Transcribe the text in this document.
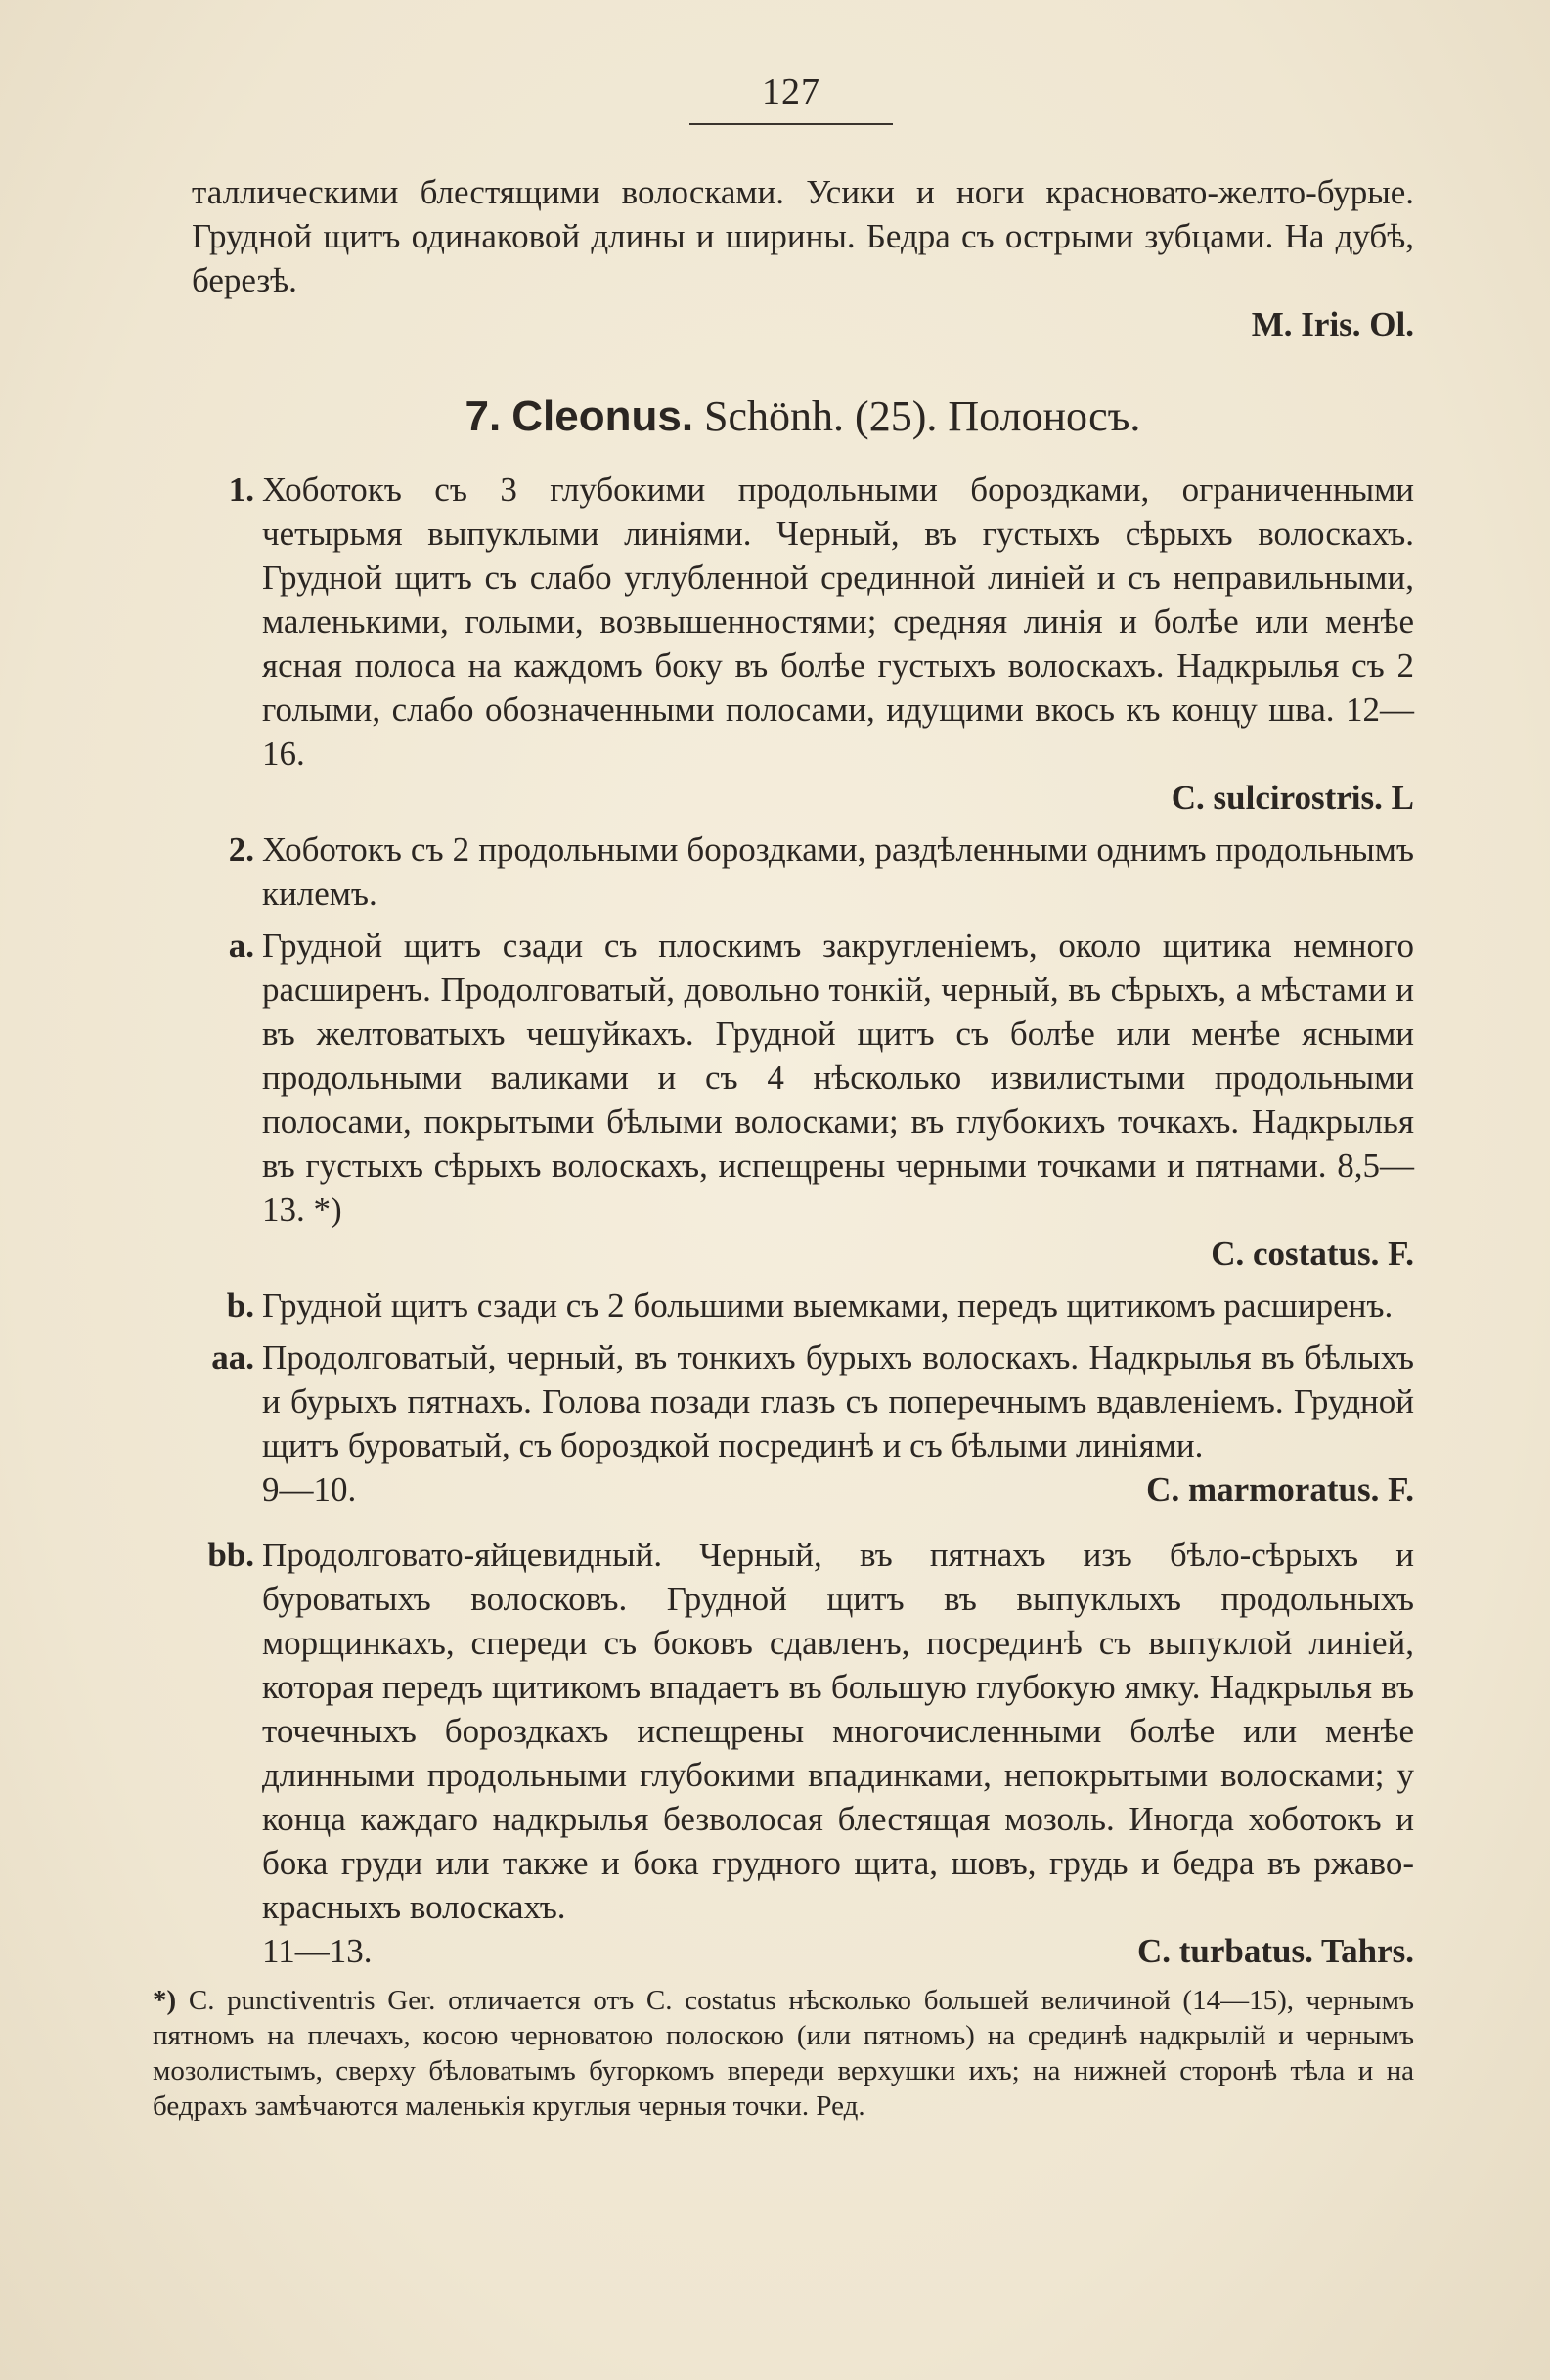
127

таллическими блестящими волосками. Усики и ноги красновато-желто-бурые. Грудной щитъ одинаковой длины и ширины. Бедра съ острыми зубцами. На дубѣ, березѣ.
M. Iris. Ol.

7. Cleonus. Schönh. (25). Полоносъ.
1. Хоботокъ съ 3 глубокими продольными бороздками, ограниченными четырьмя выпуклыми линіями. Черный, въ густыхъ сѣрыхъ волоскахъ. Грудной щитъ съ слабо углубленной срединной линіей и съ неправильными, маленькими, голыми, возвышенностями; средняя линія и болѣе или менѣе ясная полоса на каждомъ боку въ болѣе густыхъ волоскахъ. Надкрылья съ 2 голыми, слабо обозначенными полосами, идущими вкось къ концу шва. 12—16.
C. sulcirostris. L
2. Хоботокъ съ 2 продольными бороздками, раздѣленными однимъ продольнымъ килемъ.
a. Грудной щитъ сзади съ плоскимъ закругленіемъ, около щитика немного расширенъ. Продолговатый, довольно тонкій, черный, въ сѣрыхъ, а мѣстами и въ желтоватыхъ чешуйкахъ. Грудной щитъ съ болѣе или менѣе ясными продольными валиками и съ 4 нѣсколько извилистыми продольными полосами, покрытыми бѣлыми волосками; въ глубокихъ точкахъ. Надкрылья въ густыхъ сѣрыхъ волоскахъ, испещрены черными точками и пятнами. 8,5—13. *)
C. costatus. F.
b. Грудной щитъ сзади съ 2 большими выемками, передъ щитикомъ расширенъ.
aa. Продолговатый, черный, въ тонкихъ бурыхъ волоскахъ. Надкрылья въ бѣлыхъ и бурыхъ пятнахъ. Голова позади глазъ съ поперечнымъ вдавленіемъ. Грудной щитъ буроватый, съ бороздкой посрединѣ и съ бѣлыми линіями.
9—10.	C. marmoratus. F.
bb. Продолговато-яйцевидный. Черный, въ пятнахъ изъ бѣло-сѣрыхъ и буроватыхъ волосковъ. Грудной щитъ въ выпуклыхъ продольныхъ морщинкахъ, спереди съ боковъ сдавленъ, посрединѣ съ выпуклой линіей, которая передъ щитикомъ впадаетъ въ большую глубокую ямку. Надкрылья въ точечныхъ бороздкахъ испещрены многочисленными болѣе или менѣе длинными продольными глубокими впадинками, непокрытыми волосками; у конца каждаго надкрылья безволосая блестящая мозоль. Иногда хоботокъ и бока груди или также и бока грудного щита, шовъ, грудь и бедра въ ржаво-красныхъ волоскахъ.
11—13.	C. turbatus. Tahrs.
*) C. punctiventris Ger. отличается отъ C. costatus нѣсколько большей величиной (14—15), чернымъ пятномъ на плечахъ, косою черноватою полоскою (или пятномъ) на срединѣ надкрылій и чернымъ мозолистымъ, сверху бѣловатымъ бугоркомъ впереди верхушки ихъ; на нижней сторонѣ тѣла и на бедрахъ замѣчаются маленькія круглыя черныя точки. Ред.
